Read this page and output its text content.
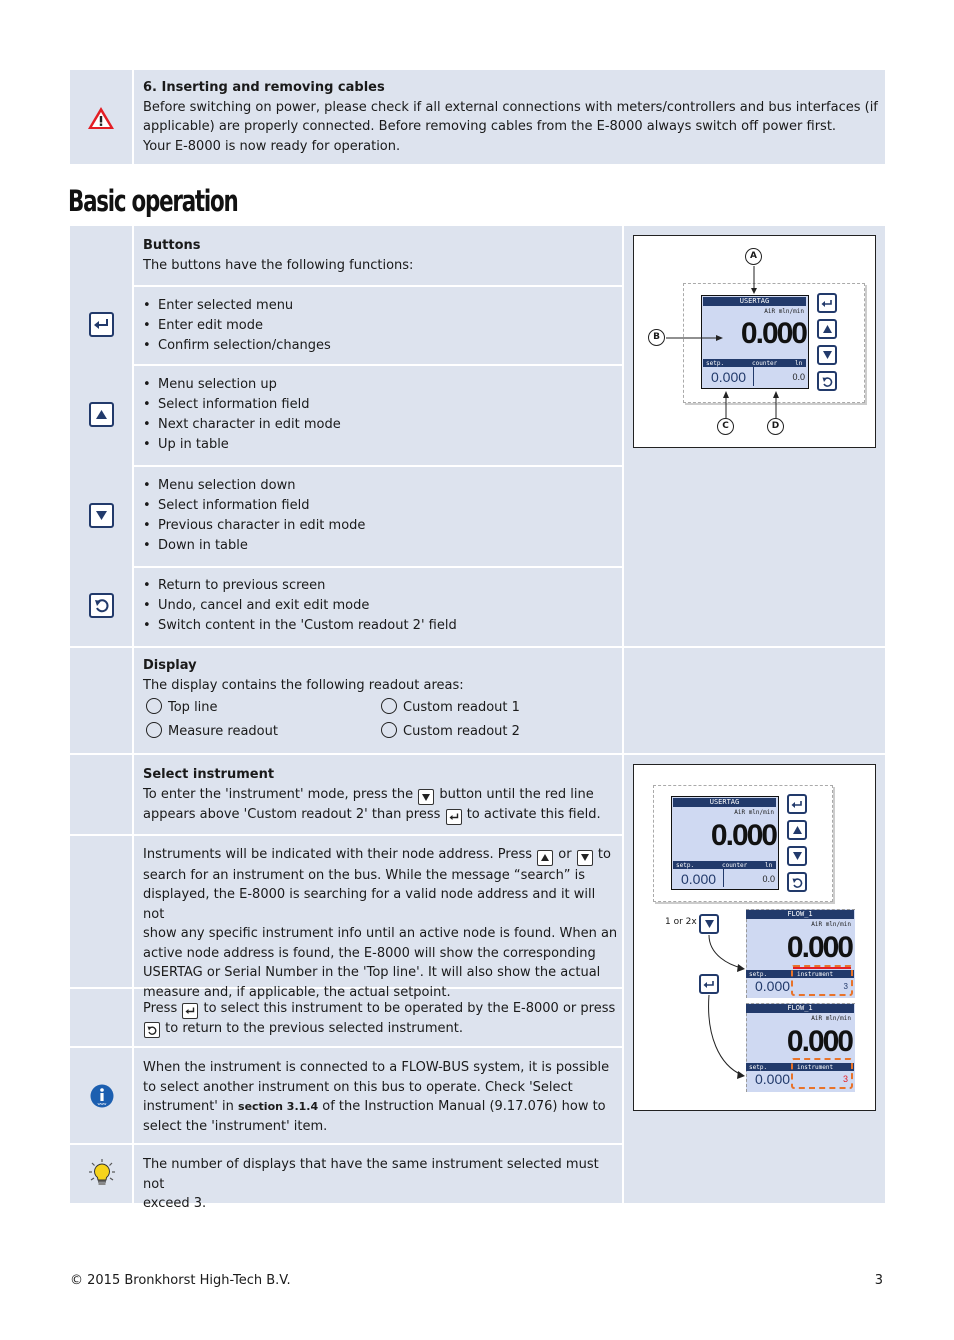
6. Inserting and removing cables
Before switching on power, please check if all external connections with meters/controllers and bus interfaces (if
applicable) are properly connected. Before removing cables from the E-8000 always switch off power first.
Your E-8000 is now ready for operation.
Basic operation
Buttons
The buttons have the following functions:
• Enter selected menu
• Enter edit mode
• Confirm selection/changes
• Menu selection up
• Select information field
• Next character in edit mode
• Up in table
• Menu selection down
• Select information field
• Previous character in edit mode
• Down in table
• Return to previous screen
• Undo, cancel and exit edit mode
• Switch content in the 'Custom readout 2' field
Display
The display contains the following readout areas:
Top line	Custom readout 1
Measure readout	Custom readout 2
Select instrument
To enter the 'instrument' mode, press the button until the red line
appears above 'Custom readout 2' than press to activate this field.
Instruments will be indicated with their node address. Press or to
search for an instrument on the bus. While the message “search” is
displayed, the E-8000 is searching for a valid node address and it will not
show any specific instrument info until an active node is found. When an
active node address is found, the E-8000 will show the corresponding
USERTAG or Serial Number in the 'Top line'. It will also show the actual
measure and, if applicable, the actual setpoint.
Press to select this instrument to be operated by the E-8000 or press
to return to the previous selected instrument.
www
When the instrument is connected to a FLOW-BUS system, it is possible
to select another instrument on this bus to operate. Check 'Select
instrument' in section 3.1.4 of the Instruction Manual (9.17.076) how to
select the 'instrument' item.
The number of displays that have the same instrument selected must not
exceed 3.
USERTAG
AiR mln/min
0.000
setp.	counter	ln
0.000	0.0
A
B
C	D
USERTAG
AiR mln/min
0.000
setp.	counter	ln
0.000	0.0
1 or 2x
FLOW_1
AiR mln/min
0.000
setp.	instrument
0.000	3
FLOW_1
AiR mln/min
0.000
setp.	instrument
0.000	3
© 2015 Bronkhorst High-Tech B.V.	3
